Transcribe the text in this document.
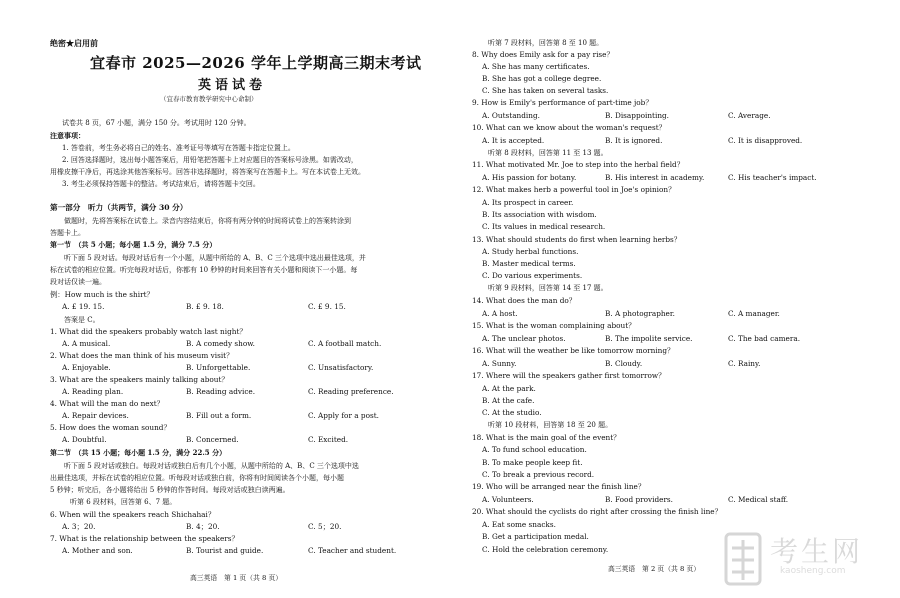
绝密★启用前
宜春市 2025—2026 学年上学期高三期末考试
英语试卷
（宜春市教育教学研究中心命制）
试卷共 8 页，67 小题，满分 150 分。考试用时 120 分钟。
注意事项：
1. 答卷前，考生务必将自己的姓名、准考证号等填写在答题卡指定位置上。
2. 回答选择题时，选出每小题答案后，用铅笔把答题卡上对应题目的答案标号涂黑。如需改动，
用橡皮擦干净后，再选涂其他答案标号。回答非选择题时，将答案写在答题卡上。写在本试卷上无效。
3. 考生必须保持答题卡的整洁。考试结束后，请将答题卡交回。
第一部分　听力（共两节，满分 30 分）
做题时，先将答案标在试卷上。录音内容结束后，你将有两分钟的时间将试卷上的答案转涂到
答题卡上。
第一节　（共 5 小题；每小题 1.5 分，满分 7.5 分）
听下面 5 段对话。每段对话后有一个小题，从题中所给的 A、B、C 三个选项中选出最佳选项，并
标在试卷的相应位置。听完每段对话后，你都有 10 秒钟的时间来回答有关小题和阅读下一小题。每
段对话仅读一遍。
例：How much is the shirt？
A. £ 19. 15.	B. £ 9. 18.	C. £ 9. 15.
答案是 C。
1. What did the speakers probably watch last night？
A. A musical.	B. A comedy show.	C. A football match.
2. What does the man think of his museum visit？
A. Enjoyable.	B. Unforgettable.	C. Unsatisfactory.
3. What are the speakers mainly talking about？
A. Reading plan.	B. Reading advice.	C. Reading preference.
4. What will the man do next？
A. Repair devices.	B. Fill out a form.	C. Apply for a post.
5. How does the woman sound？
A. Doubtful.	B. Concerned.	C. Excited.
第二节　（共 15 小题；每小题 1.5 分，满分 22.5 分）
听下面 5 段对话或独白。每段对话或独白后有几个小题，从题中所给的 A、B、C 三个选项中选
出最佳选项，并标在试卷的相应位置。听每段对话或独白前，你将有时间阅读各个小题，每小题
5 秒钟；听完后，各小题将给出 5 秒钟的作答时间。每段对话或独白读两遍。
听第 6 段材料，回答第 6、7 题。
6. When will the speakers reach Shichahai？
A. 3；20.	B. 4；20.	C. 5；20.
7. What is the relationship between the speakers？
A. Mother and son.	B. Tourist and guide.	C. Teacher and student.
高三英语　第 1 页（共 8 页）
听第 7 段材料，回答第 8 至 10 题。
8. Why does Emily ask for a pay rise？
A. She has many certificates.
B. She has got a college degree.
C. She has taken on several tasks.
9. How is Emily's performance of part-time job？
A. Outstanding.	B. Disappointing.	C. Average.
10. What can we know about the woman's request？
A. It is accepted.	B. It is ignored.	C. It is disapproved.
听第 8 段材料，回答第 11 至 13 题。
11. What motivated Mr. Joe to step into the herbal field？
A. His passion for botany.	B. His interest in academy.	C. His teacher's impact.
12. What makes herb a powerful tool in Joe's opinion？
A. Its prospect in career.
B. Its association with wisdom.
C. Its values in medical research.
13. What should students do first when learning herbs？
A. Study herbal functions.
B. Master medical terms.
C. Do various experiments.
听第 9 段材料，回答第 14 至 17 题。
14. What does the man do？
A. A host.	B. A photographer.	C. A manager.
15. What is the woman complaining about？
A. The unclear photos.	B. The impolite service.	C. The bad camera.
16. What will the weather be like tomorrow morning？
A. Sunny.	B. Cloudy.	C. Rainy.
17. Where will the speakers gather first tomorrow？
A. At the park.
B. At the cafe.
C. At the studio.
听第 10 段材料，回答第 18 至 20 题。
18. What is the main goal of the event？
A. To fund school education.
B. To make people keep fit.
C. To break a previous record.
19. Who will be arranged near the finish line？
A. Volunteers.	B. Food providers.	C. Medical staff.
20. What should the cyclists do right after crossing the finish line？
A. Eat some snacks.
B. Get a participation medal.
C. Hold the celebration ceremony.
高三英语　第 2 页（共 8 页）
考生网
kaosheng.com
